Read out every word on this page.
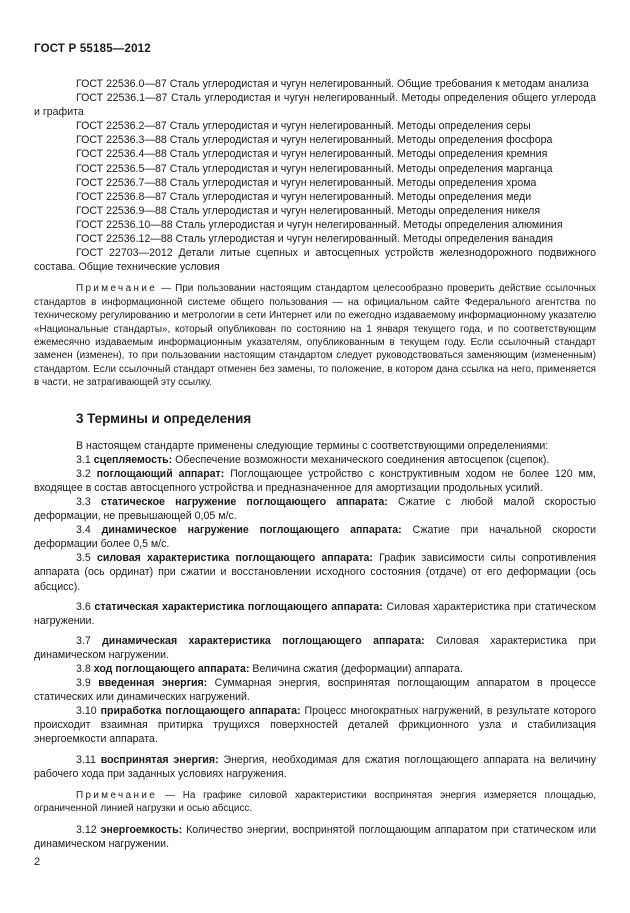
ГОСТ Р 55185—2012

ГОСТ 22536.0—87 Сталь углеродистая и чугун нелегированный. Общие требования к методам анализа

ГОСТ 22536.1—87 Сталь углеродистая и чугун нелегированный. Методы определения общего углерода и графита

ГОСТ 22536.2—87 Сталь углеродистая и чугун нелегированный. Методы определения серы

ГОСТ 22536.3—88 Сталь углеродистая и чугун нелегированный. Методы определения фосфора

ГОСТ 22536.4—88 Сталь углеродистая и чугун нелегированный. Методы определения кремния

ГОСТ 22536.5—87 Сталь углеродистая и чугун нелегированный. Методы определения марганца

ГОСТ 22536.7—88 Сталь углеродистая и чугун нелегированный. Методы определения хрома

ГОСТ 22536.8—87 Сталь углеродистая и чугун нелегированный. Методы определения меди

ГОСТ 22536.9—88 Сталь углеродистая и чугун нелегированный. Методы определения никеля

ГОСТ 22536.10—88 Сталь углеродистая и чугун нелегированный. Методы определения алюминия

ГОСТ 22536.12—88 Сталь углеродистая и чугун нелегированный. Методы определения ванадия

ГОСТ 22703—2012 Детали литые сцепных и автосцепных устройств железнодорожного подвижного состава. Общие технические условия

Примечание — При пользовании настоящим стандартом целесообразно проверить действие ссылочных стандартов в информационной системе общего пользования — на официальном сайте Федерального агентства по техническому регулированию и метрологии в сети Интернет или по ежегодно издаваемому информационному указателю «Национальные стандарты», который опубликован по состоянию на 1 января текущего года, и по соответствующим ежемесячно издаваемым информационным указателям, опубликованным в текущем году. Если ссылочный стандарт заменен (изменен), то при пользовании настоящим стандартом следует руководствоваться заменяющим (измененным) стандартом. Если ссылочный стандарт отменен без замены, то положение, в котором дана ссылка на него, применяется в части, не затрагивающей эту ссылку.

3 Термины и определения

В настоящем стандарте применены следующие термины с соответствующими определениями:

3.1 сцепляемость: Обеспечение возможности механического соединения автосцепок (сцепок).

3.2 поглощающий аппарат: Поглощающее устройство с конструктивным ходом не более 120 мм, входящее в состав автосцепного устройства и предназначенное для амортизации продольных усилий.

3.3 статическое нагружение поглощающего аппарата: Сжатие с любой малой скоростью деформации, не превышающей 0,05 м/с.

3.4 динамическое нагружение поглощающего аппарата: Сжатие при начальной скорости деформации более 0,5 м/с.

3.5 силовая характеристика поглощающего аппарата: График зависимости силы сопротивления аппарата (ось ординат) при сжатии и восстановлении исходного состояния (отдаче) от его деформации (ось абсцисс).

3.6 статическая характеристика поглощающего аппарата: Силовая характеристика при статическом нагружении.

3.7 динамическая характеристика поглощающего аппарата: Силовая характеристика при динамическом нагружении.

3.8 ход поглощающего аппарата: Величина сжатия (деформации) аппарата.

3.9 введенная энергия: Суммарная энергия, воспринятая поглощающим аппаратом в процессе статических или динамических нагружений.

3.10 приработка поглощающего аппарата: Процесс многократных нагружений, в результате которого происходит взаимная притирка трущихся поверхностей деталей фрикционного узла и стабилизация энергоемкости аппарата.

3.11 воспринятая энергия: Энергия, необходимая для сжатия поглощающего аппарата на величину рабочего хода при заданных условиях нагружения.

Примечание — На графике силовой характеристики воспринятая энергия измеряется площадью, ограниченной линией нагрузки и осью абсцисс.

3.12 энергоемкость: Количество энергии, воспринятой поглощающим аппаратом при статическом или динамическом нагружении.

2
